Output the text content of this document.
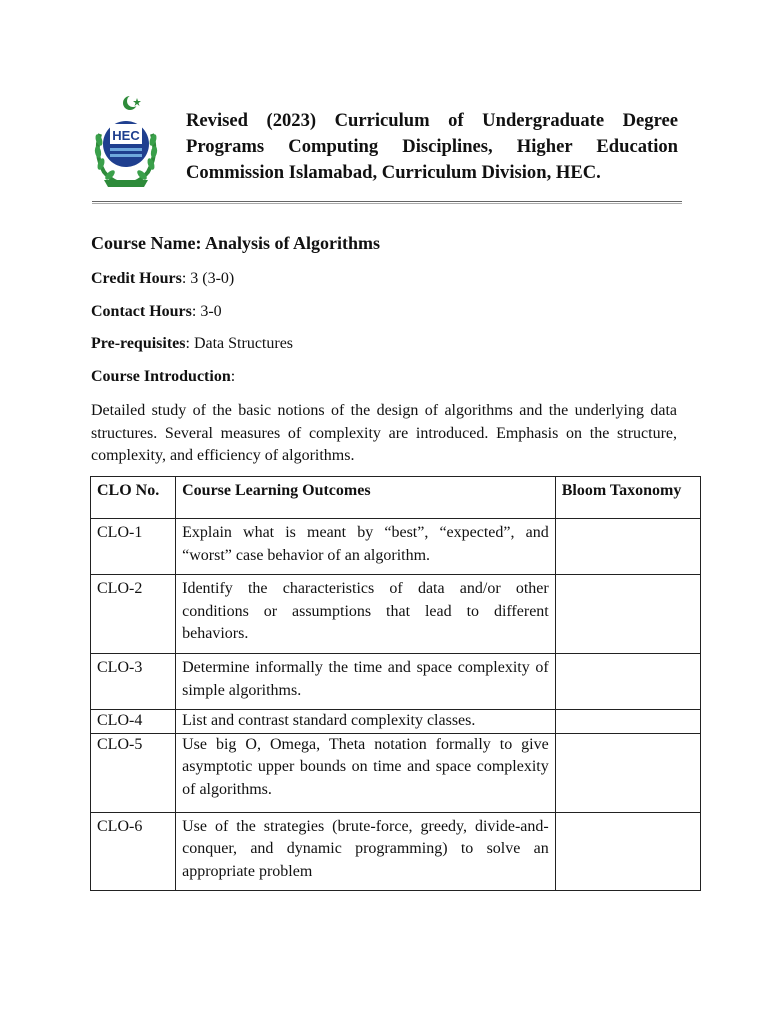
HEC
Revised (2023) Curriculum of Undergraduate Degree
Programs Computing Disciplines, Higher Education
Commission Islamabad, Curriculum Division, HEC.
Course Name: Analysis of Algorithms
Credit Hours: 3 (3-0)
Contact Hours: 3-0
Pre-requisites: Data Structures
Course Introduction:
Detailed study of the basic notions of the design of algorithms and the underlying data structures. Several measures of complexity are introduced. Emphasis on the structure, complexity, and efficiency of algorithms.
CLO No.	Course Learning Outcomes	Bloom Taxonomy
CLO-1	Explain what is meant by “best”, “expected”, and “worst” case behavior of an algorithm.	
CLO-2	Identify the characteristics of data and/or other conditions or assumptions that lead to different behaviors.	
CLO-3	Determine informally the time and space complexity of simple algorithms.	
CLO-4	List and contrast standard complexity classes.	
CLO-5	Use big O, Omega, Theta notation formally to give asymptotic upper bounds on time and space complexity of algorithms.	
CLO-6	Use of the strategies (brute-force, greedy, divide-and-conquer, and dynamic programming) to solve an appropriate problem	
